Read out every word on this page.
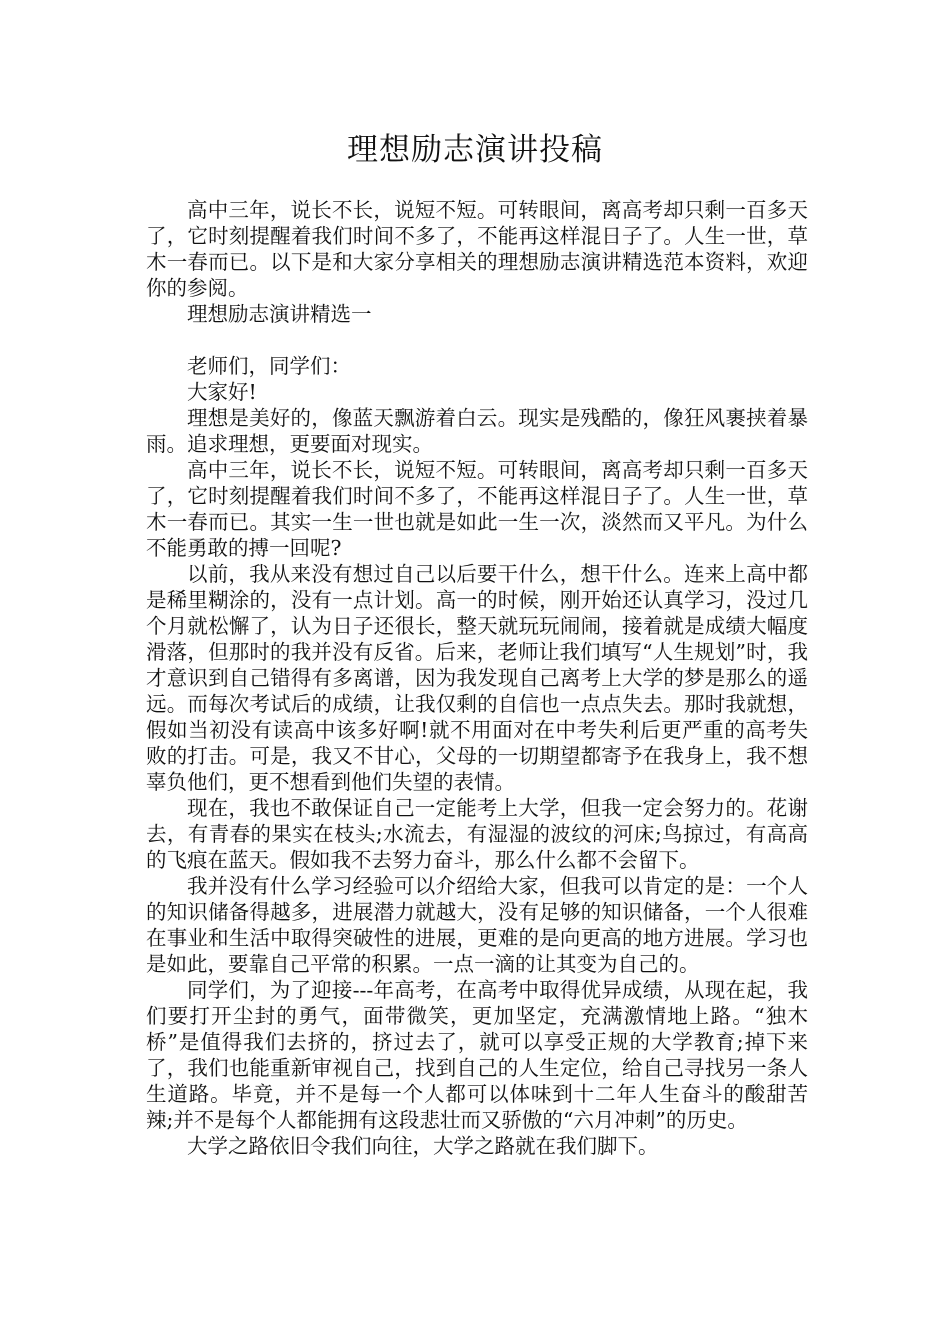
理想励志演讲投稿

高中三年，说长不长，说短不短。可转眼间，离高考却只剩一百多天了，它时刻提醒着我们时间不多了，不能再这样混日子了。人生一世，草木一春而已。以下是和大家分享相关的理想励志演讲精选范本资料，欢迎你的参阅。

理想励志演讲精选一

老师们，同学们：

大家好!

理想是美好的，像蓝天飘游着白云。现实是残酷的，像狂风裹挟着暴雨。追求理想，更要面对现实。

高中三年，说长不长，说短不短。可转眼间，离高考却只剩一百多天了，它时刻提醒着我们时间不多了，不能再这样混日子了。人生一世，草木一春而已。其实一生一世也就是如此一生一次，淡然而又平凡。为什么不能勇敢的搏一回呢?

以前，我从来没有想过自己以后要干什么，想干什么。连来上高中都是稀里糊涂的，没有一点计划。高一的时候，刚开始还认真学习，没过几个月就松懈了，认为日子还很长，整天就玩玩闹闹，接着就是成绩大幅度滑落，但那时的我并没有反省。后来，老师让我们填写“人生规划”时，我才意识到自己错得有多离谱，因为我发现自己离考上大学的梦是那么的遥远。而每次考试后的成绩，让我仅剩的自信也一点点失去。那时我就想，假如当初没有读高中该多好啊!就不用面对在中考失利后更严重的高考失败的打击。可是，我又不甘心，父母的一切期望都寄予在我身上，我不想辜负他们，更不想看到他们失望的表情。

现在，我也不敢保证自己一定能考上大学，但我一定会努力的。花谢去，有青春的果实在枝头;水流去，有湿湿的波纹的河床;鸟掠过，有高高的飞痕在蓝天。假如我不去努力奋斗，那么什么都不会留下。

我并没有什么学习经验可以介绍给大家，但我可以肯定的是：一个人的知识储备得越多，进展潜力就越大，没有足够的知识储备，一个人很难在事业和生活中取得突破性的进展，更难的是向更高的地方进展。学习也是如此，要靠自己平常的积累。一点一滴的让其变为自己的。

同学们，为了迎接---年高考，在高考中取得优异成绩，从现在起，我们要打开尘封的勇气，面带微笑，更加坚定，充满激情地上路。“独木桥”是值得我们去挤的，挤过去了，就可以享受正规的大学教育;掉下来了，我们也能重新审视自己，找到自己的人生定位，给自己寻找另一条人生道路。毕竟，并不是每一个人都可以体味到十二年人生奋斗的酸甜苦辣;并不是每个人都能拥有这段悲壮而又骄傲的“六月冲刺”的历史。

大学之路依旧令我们向往，大学之路就在我们脚下。
